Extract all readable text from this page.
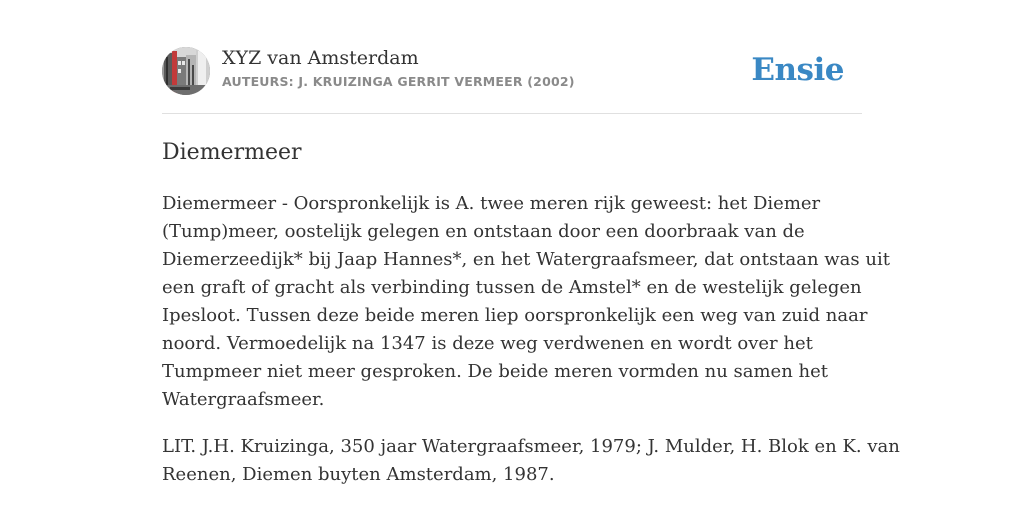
XYZ van Amsterdam
AUTEURS: J. KRUIZINGA GERRIT VERMEER (2002)	Ensie
Diemermeer

Diemermeer - Oorspronkelijk is A. twee meren rijk geweest: het Diemer
(Tump)meer, oostelijk gelegen en ontstaan door een doorbraak van de
Diemerzeedijk* bij Jaap Hannes*, en het Watergraafsmeer, dat ontstaan was uit
een graft of gracht als verbinding tussen de Amstel* en de westelijk gelegen
Ipesloot. Tussen deze beide meren liep oorspronkelijk een weg van zuid naar
noord. Vermoedelijk na 1347 is deze weg verdwenen en wordt over het
Tumpmeer niet meer gesproken. De beide meren vormden nu samen het
Watergraafsmeer.

LIT. J.H. Kruizinga, 350 jaar Watergraafsmeer, 1979; J. Mulder, H. Blok en K. van
Reenen, Diemen buyten Amsterdam, 1987.
